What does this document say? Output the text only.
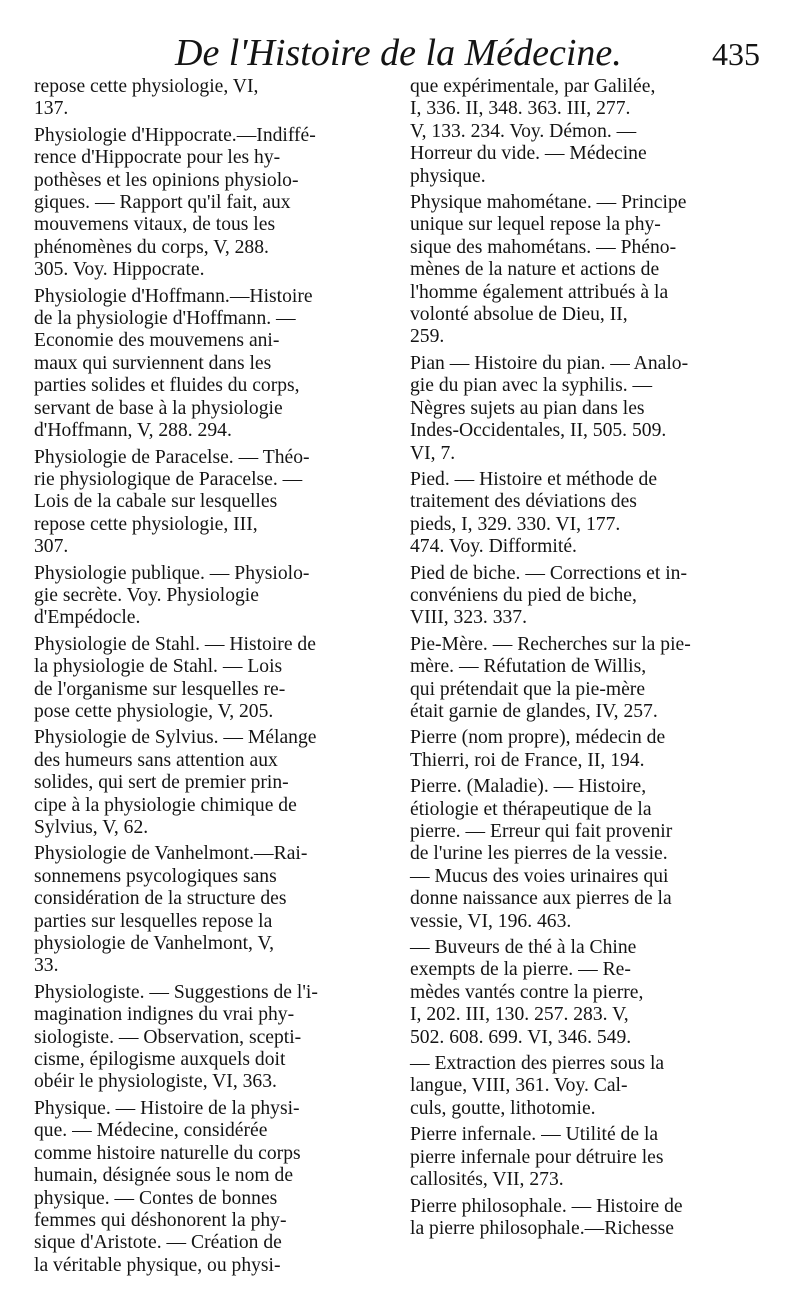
De l'Histoire de la Médecine.	435
repose cette physiologie, VI,
137.
Physiologie d'Hippocrate.—Indiffé-
rence d'Hippocrate pour les hy-
pothèses et les opinions physiolo-
giques. — Rapport qu'il fait, aux
mouvemens vitaux, de tous les
phénomènes du corps, V, 288.
305. Voy. Hippocrate.
Physiologie d'Hoffmann.—Histoire
de la physiologie d'Hoffmann. —
Economie des mouvemens ani-
maux qui surviennent dans les
parties solides et fluides du corps,
servant de base à la physiologie
d'Hoffmann, V, 288. 294.
Physiologie de Paracelse. — Théo-
rie physiologique de Paracelse. —
Lois de la cabale sur lesquelles
repose cette physiologie, III,
307.
Physiologie publique. — Physiolo-
gie secrète. Voy. Physiologie
d'Empédocle.
Physiologie de Stahl. — Histoire de
la physiologie de Stahl. — Lois
de l'organisme sur lesquelles re-
pose cette physiologie, V, 205.
Physiologie de Sylvius. — Mélange
des humeurs sans attention aux
solides, qui sert de premier prin-
cipe à la physiologie chimique de
Sylvius, V, 62.
Physiologie de Vanhelmont.—Rai-
sonnemens psycologiques sans
considération de la structure des
parties sur lesquelles repose la
physiologie de Vanhelmont, V,
33.
Physiologiste. — Suggestions de l'i-
magination indignes du vrai phy-
siologiste. — Observation, scepti-
cisme, épilogisme auxquels doit
obéir le physiologiste, VI, 363.
Physique. — Histoire de la physi-
que. — Médecine, considérée
comme histoire naturelle du corps
humain, désignée sous le nom de
physique. — Contes de bonnes
femmes qui déshonorent la phy-
sique d'Aristote. — Création de
la véritable physique, ou physi-
que expérimentale, par Galilée,
I, 336. II, 348. 363. III, 277.
V, 133. 234. Voy. Démon. —
Horreur du vide. — Médecine
physique.
Physique mahométane. — Principe
unique sur lequel repose la phy-
sique des mahométans. — Phéno-
mènes de la nature et actions de
l'homme également attribués à la
volonté absolue de Dieu, II,
259.
Pian — Histoire du pian. — Analo-
gie du pian avec la syphilis. —
Nègres sujets au pian dans les
Indes-Occidentales, II, 505. 509.
VI, 7.
Pied. — Histoire et méthode de
traitement des déviations des
pieds, I, 329. 330. VI, 177.
474. Voy. Difformité.
Pied de biche. — Corrections et in-
convéniens du pied de biche,
VIII, 323. 337.
Pie-Mère. — Recherches sur la pie-
mère. — Réfutation de Willis,
qui prétendait que la pie-mère
était garnie de glandes, IV, 257.
Pierre (nom propre), médecin de
Thierri, roi de France, II, 194.
Pierre. (Maladie). — Histoire,
étiologie et thérapeutique de la
pierre. — Erreur qui fait provenir
de l'urine les pierres de la vessie.
— Mucus des voies urinaires qui
donne naissance aux pierres de la
vessie, VI, 196. 463.
— Buveurs de thé à la Chine
exempts de la pierre. — Re-
mèdes vantés contre la pierre,
I, 202. III, 130. 257. 283. V,
502. 608. 699. VI, 346. 549.
— Extraction des pierres sous la
langue, VIII, 361. Voy. Cal-
culs, goutte, lithotomie.
Pierre infernale. — Utilité de la
pierre infernale pour détruire les
callosités, VII, 273.
Pierre philosophale. — Histoire de
la pierre philosophale.—Richesse
